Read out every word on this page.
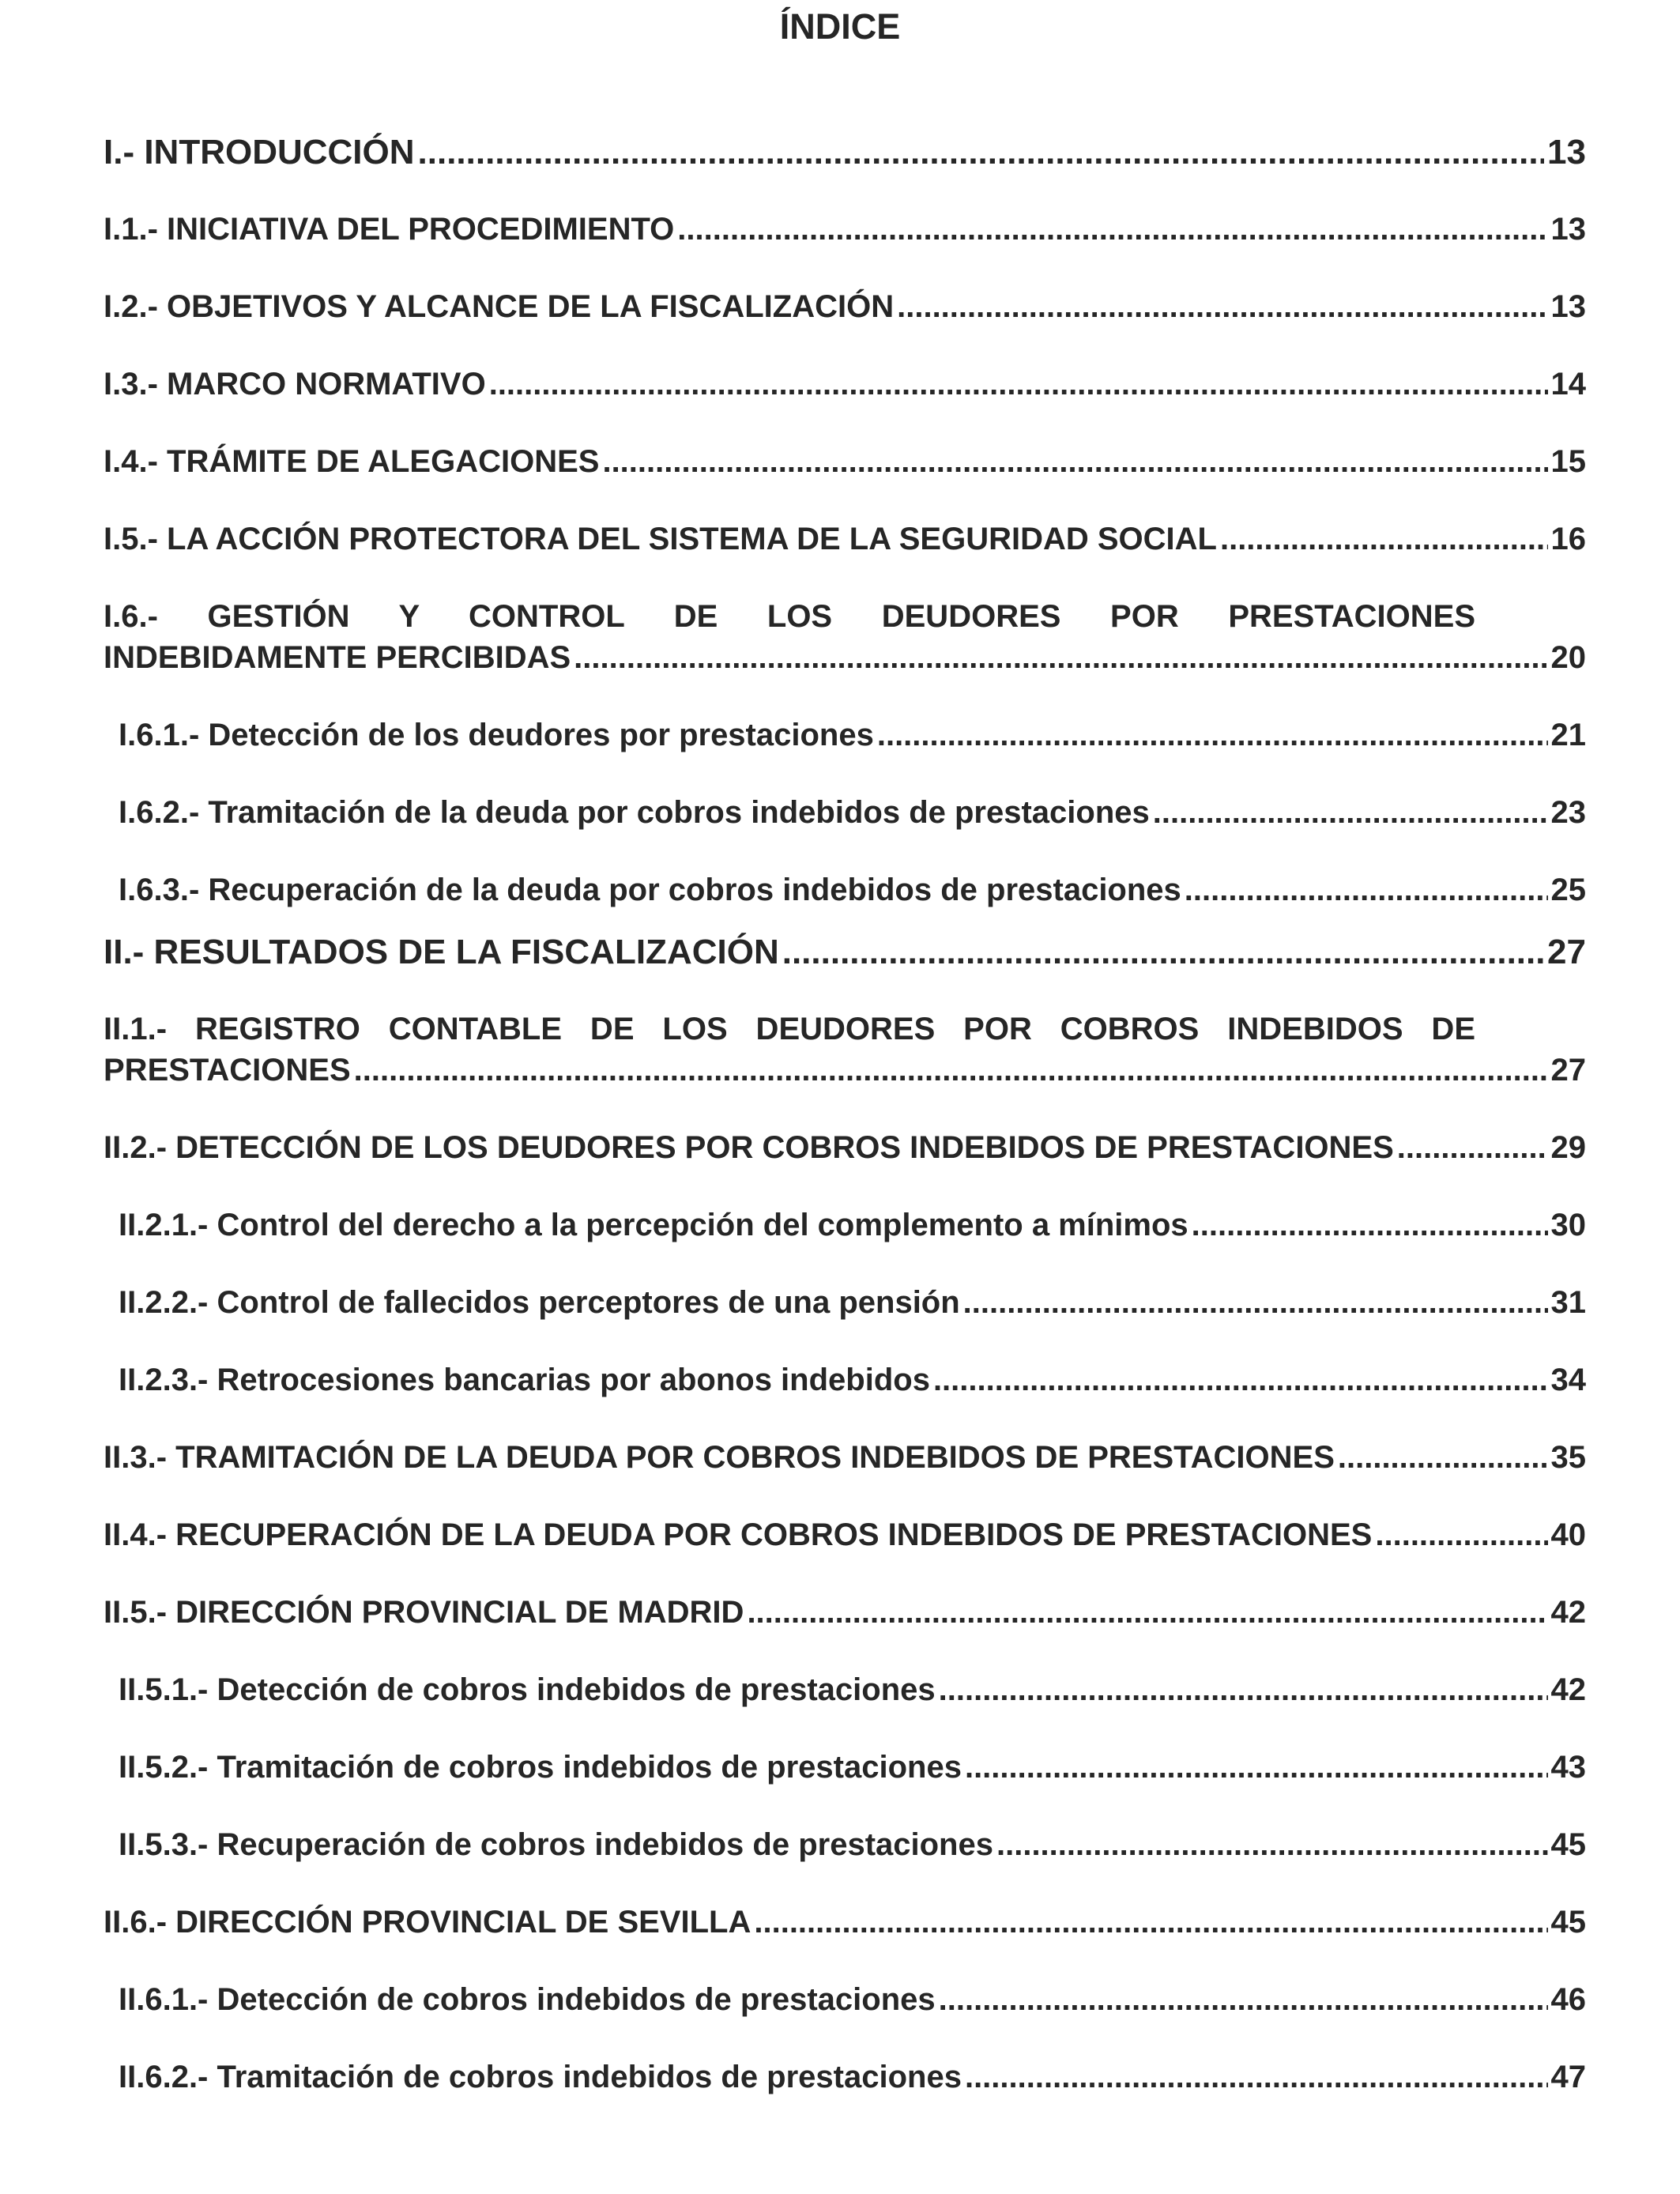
ÍNDICE
I.- INTRODUCCIÓN .....	13
I.1.- INICIATIVA DEL PROCEDIMIENTO .....	13
I.2.- OBJETIVOS Y ALCANCE DE LA FISCALIZACIÓN .....	13
I.3.- MARCO NORMATIVO .....	14
I.4.- TRÁMITE DE ALEGACIONES .....	15
I.5.- LA ACCIÓN PROTECTORA DEL SISTEMA DE LA SEGURIDAD SOCIAL .....	16
I.6.- GESTIÓN Y CONTROL DE LOS DEUDORES POR PRESTACIONES
INDEBIDAMENTE PERCIBIDAS .....	20
I.6.1.- Detección de los deudores por prestaciones .....	21
I.6.2.- Tramitación de la deuda por cobros indebidos de prestaciones .....	23
I.6.3.- Recuperación de la deuda por cobros indebidos de prestaciones .....	25
II.- RESULTADOS DE LA FISCALIZACIÓN .....	27
II.1.- REGISTRO CONTABLE DE LOS DEUDORES POR COBROS INDEBIDOS DE
PRESTACIONES .....	27
II.2.- DETECCIÓN DE LOS DEUDORES POR COBROS INDEBIDOS DE PRESTACIONES .....	29
II.2.1.- Control del derecho a la percepción del complemento a mínimos .....	30
II.2.2.- Control de fallecidos perceptores de una pensión .....	31
II.2.3.- Retrocesiones bancarias por abonos indebidos .....	34
II.3.- TRAMITACIÓN DE LA DEUDA POR COBROS INDEBIDOS DE PRESTACIONES .....	35
II.4.- RECUPERACIÓN DE LA DEUDA POR COBROS INDEBIDOS DE PRESTACIONES .....	40
II.5.- DIRECCIÓN PROVINCIAL DE MADRID .....	42
II.5.1.- Detección de cobros indebidos de prestaciones .....	42
II.5.2.- Tramitación de cobros indebidos de prestaciones .....	43
II.5.3.- Recuperación de cobros indebidos de prestaciones .....	45
II.6.- DIRECCIÓN PROVINCIAL DE SEVILLA .....	45
II.6.1.- Detección de cobros indebidos de prestaciones .....	46
II.6.2.- Tramitación de cobros indebidos de prestaciones .....	47
